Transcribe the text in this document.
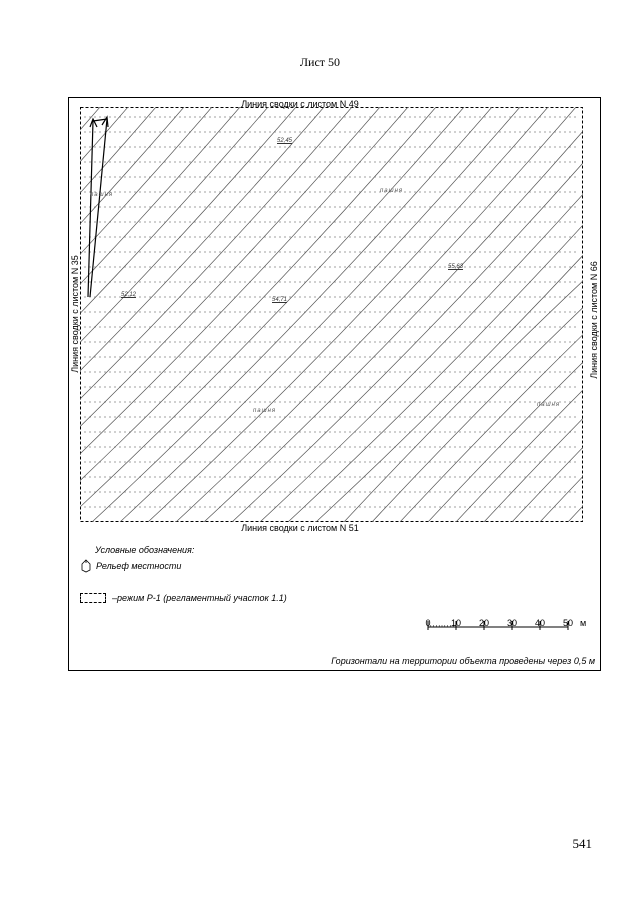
Лист 50
Линия сводки с листом N 49
Линия сводки с листом N 51
Линия сводки с листом N 35	Линия сводки с листом N 66
52,45
52,12
54,71
55,63
пашня
пашня
пашня
пашня
Условные обозначения:
Рельеф местности
–режим Р-1 (регламентный участок 1.1)
0 10 20 30 40 50 м
Горизонтали на территории объекта проведены через 0,5 м
541
